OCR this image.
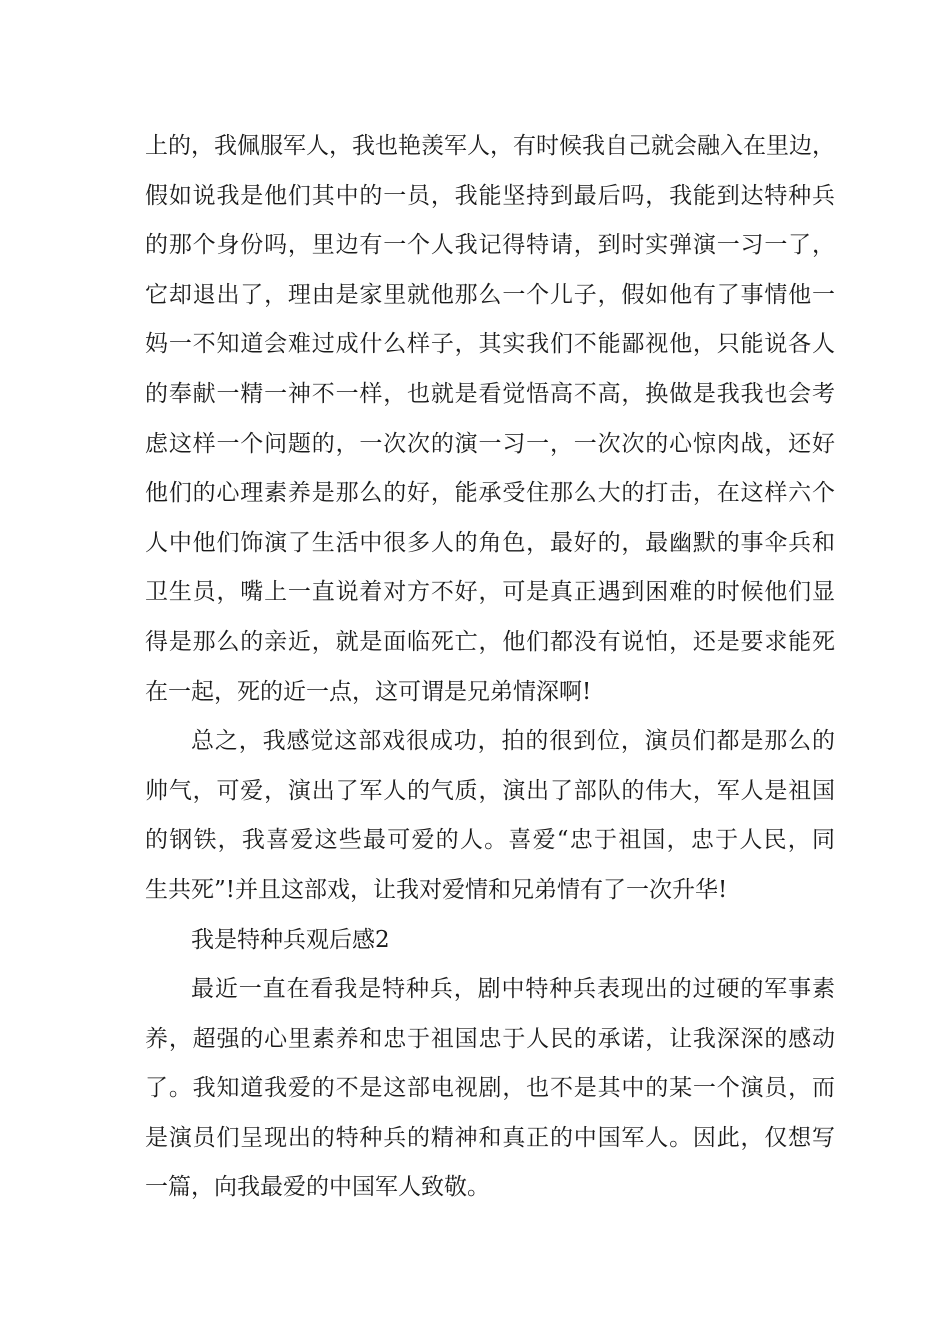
上的，我佩服军人，我也艳羡军人，有时候我自己就会融入在里边，
假如说我是他们其中的一员，我能坚持到最后吗，我能到达特种兵
的那个身份吗，里边有一个人我记得特请，到时实弹演一习一了，
它却退出了，理由是家里就他那么一个儿子，假如他有了事情他一
妈一不知道会难过成什么样子，其实我们不能鄙视他，只能说各人
的奉献一精一神不一样，也就是看觉悟高不高，换做是我我也会考
虑这样一个问题的，一次次的演一习一，一次次的心惊肉战，还好
他们的心理素养是那么的好，能承受住那么大的打击，在这样六个
人中他们饰演了生活中很多人的角色，最好的，最幽默的事伞兵和
卫生员，嘴上一直说着对方不好，可是真正遇到困难的时候他们显
得是那么的亲近，就是面临死亡，他们都没有说怕，还是要求能死
在一起，死的近一点，这可谓是兄弟情深啊!
总之，我感觉这部戏很成功，拍的很到位，演员们都是那么的
帅气，可爱，演出了军人的气质，演出了部队的伟大，军人是祖国
的钢铁，我喜爱这些最可爱的人。喜爱“忠于祖国，忠于人民，同
生共死”!并且这部戏，让我对爱情和兄弟情有了一次升华!
我是特种兵观后感2
最近一直在看我是特种兵，剧中特种兵表现出的过硬的军事素
养，超强的心里素养和忠于祖国忠于人民的承诺，让我深深的感动
了。我知道我爱的不是这部电视剧，也不是其中的某一个演员，而
是演员们呈现出的特种兵的精神和真正的中国军人。因此，仅想写
一篇，向我最爱的中国军人致敬。
